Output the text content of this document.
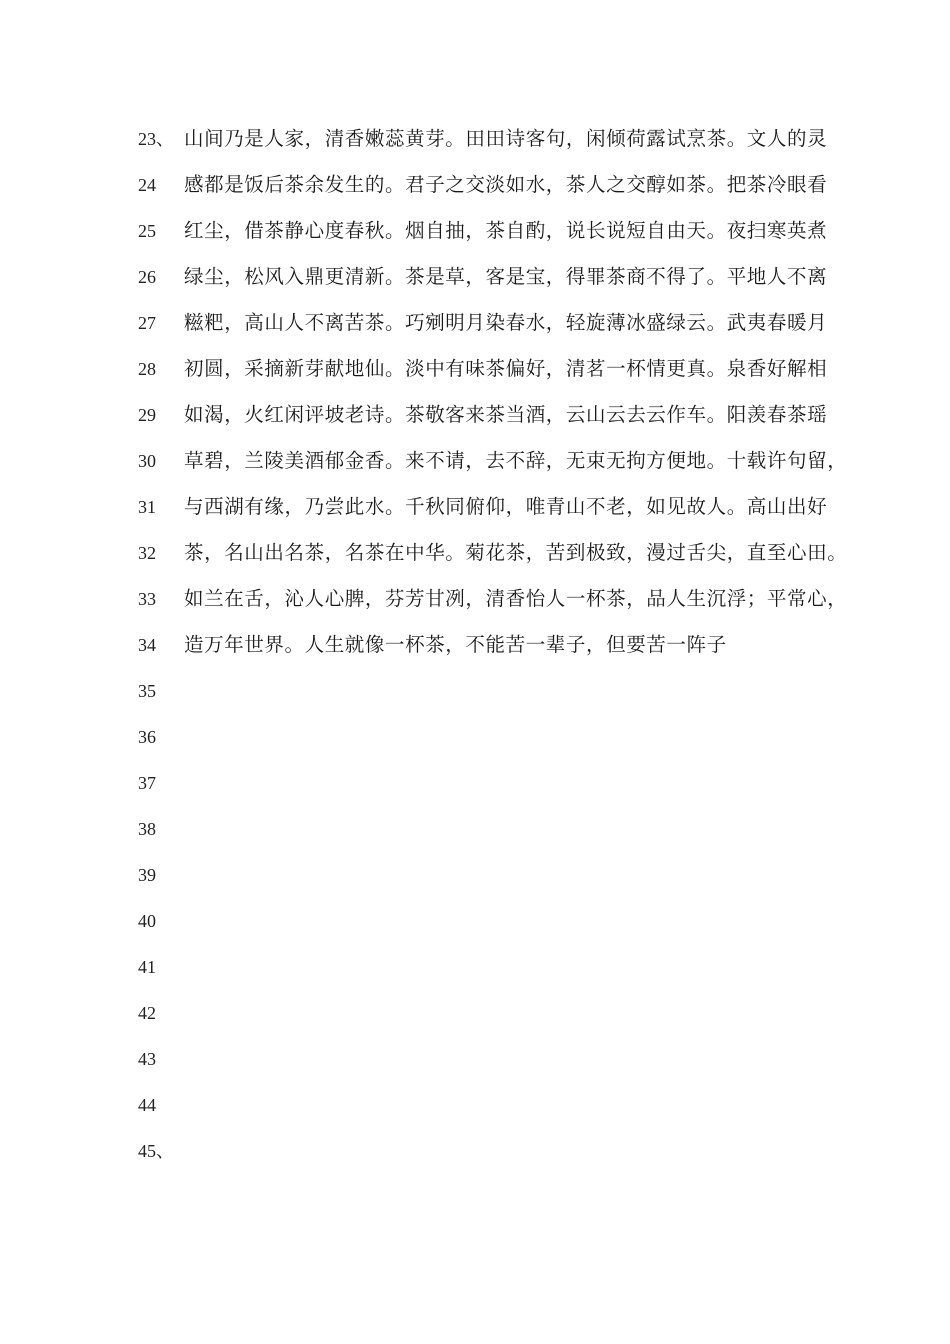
23、 山间乃是人家，清香嫩蕊黄芽。田田诗客句，闲倾荷露试烹茶。文人的灵
24	感都是饭后茶余发生的。君子之交淡如水，茶人之交醇如茶。把茶冷眼看
25	红尘，借茶静心度春秋。烟自抽，茶自酌，说长说短自由天。夜扫寒英煮
26	绿尘，松风入鼎更清新。茶是草，客是宝，得罪茶商不得了。平地人不离
27	糍粑，高山人不离苦茶。巧剜明月染春水，轻旋薄冰盛绿云。武夷春暖月
28	初圆，采摘新芽献地仙。淡中有味茶偏好，清茗一杯情更真。泉香好解相
29	如渴，火红闲评坡老诗。茶敬客来茶当酒，云山云去云作车。阳羡春茶瑶
30	草碧，兰陵美酒郁金香。来不请，去不辞，无束无拘方便地。十载许句留，
31	与西湖有缘，乃尝此水。千秋同俯仰，唯青山不老，如见故人。高山出好
32	茶，名山出名茶，名茶在中华。菊花茶，苦到极致，漫过舌尖，直至心田。
33	如兰在舌，沁人心脾，芬芳甘冽，清香怡人一杯茶，品人生沉浮；平常心，
34	造万年世界。人生就像一杯茶，不能苦一辈子，但要苦一阵子
35
36
37
38
39
40
41
42
43
44
45、
